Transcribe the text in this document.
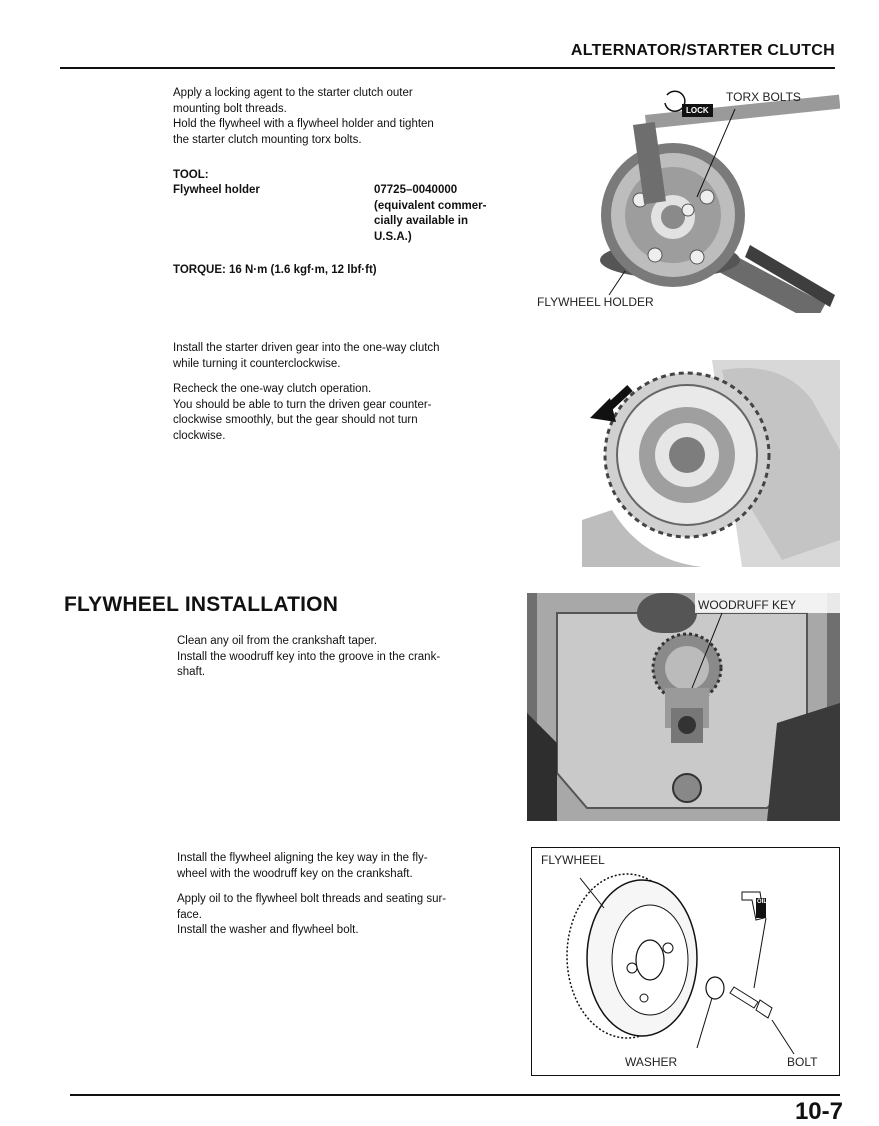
ALTERNATOR/STARTER CLUTCH
Apply a locking agent to the starter clutch outer
mounting bolt threads.
Hold the flywheel with a flywheel holder and tighten
the starter clutch mounting torx bolts.
TOOL:
Flywheel holder	07725–0040000
(equivalent commer-
cially available in
U.S.A.)
TORQUE: 16 N·m (1.6 kgf·m, 12 lbf·ft)
TORX BOLTS
LOCK
FLYWHEEL HOLDER
Install the starter driven gear into the one-way clutch
while turning it counterclockwise.
Recheck the one-way clutch operation.
You should be able to turn the driven gear counter-
clockwise smoothly, but the gear should not turn
clockwise.
FLYWHEEL INSTALLATION
Clean any oil from the crankshaft taper.
Install the woodruff key into the groove in the crank-
shaft.
WOODRUFF KEY
Install the flywheel aligning the key way in the fly-
wheel with the woodruff key on the crankshaft.
Apply oil to the flywheel bolt threads and seating sur-
face.
Install the washer and flywheel bolt.
FLYWHEEL
WASHER	BOLT
OIL
10-7
